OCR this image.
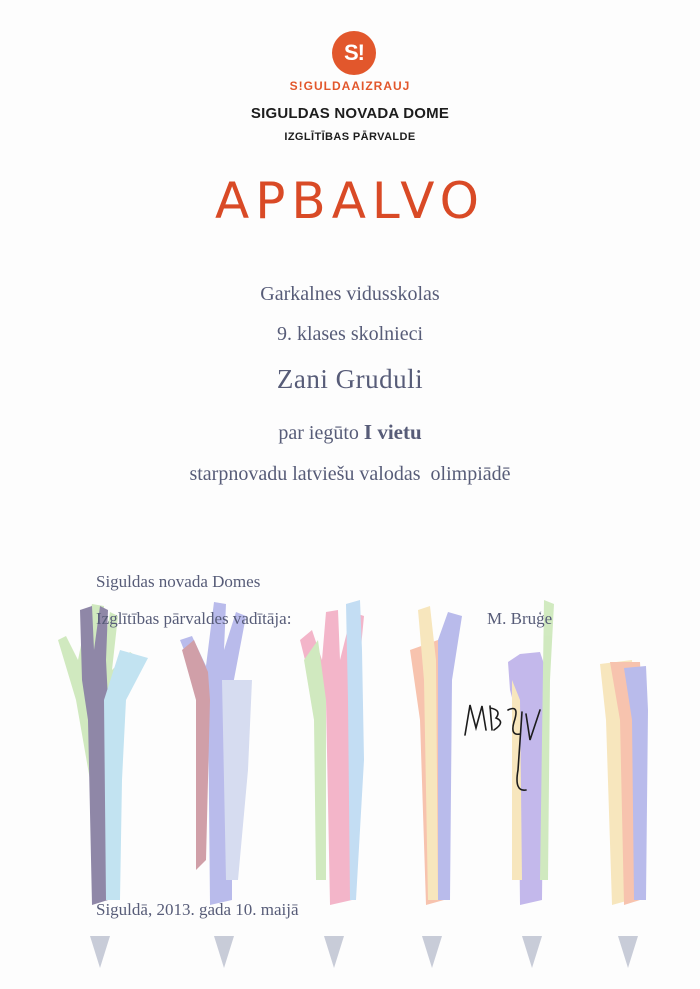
S!
S!GULDAAIZRAUJ
SIGULDAS NOVADA DOME
IZGLĪTĪBAS PĀRVALDE
APBALVO
Garkalnes vidusskolas
9. klases skolnieci
Zani Gruduli
par iegūto I vietu
starpnovadu latviešu valodas  olimpiādē
Siguldas novada Domes
Izglītības pārvaldes vadītāja:	M. Bruģe
Siguldā, 2013. gada 10. maijā
